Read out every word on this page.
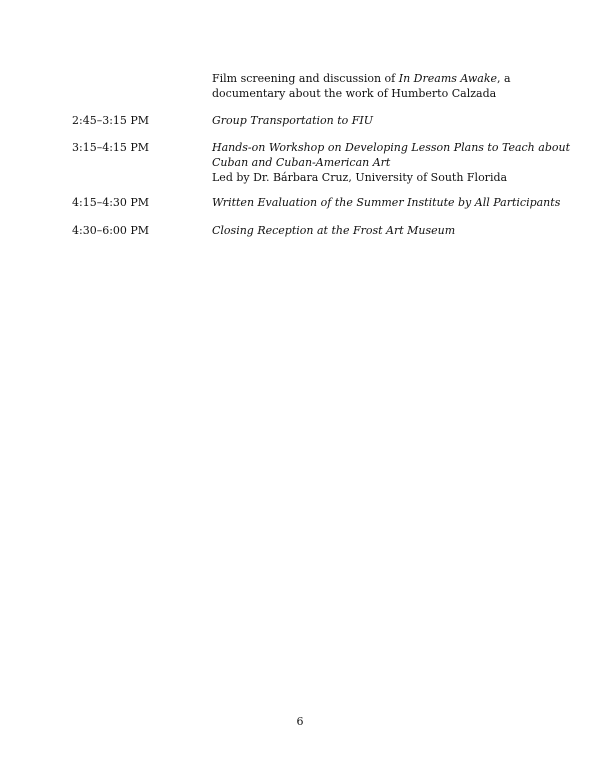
Film screening and discussion of In Dreams Awake, a
documentary about the work of Humberto Calzada
2:45–3:15 PM	Group Transportation to FIU
3:15–4:15 PM	Hands-on Workshop on Developing Lesson Plans to Teach about
Cuban and Cuban-American Art
Led by Dr. Bárbara Cruz, University of South Florida
4:15–4:30 PM	Written Evaluation of the Summer Institute by All Participants
4:30–6:00 PM	Closing Reception at the Frost Art Museum
6
